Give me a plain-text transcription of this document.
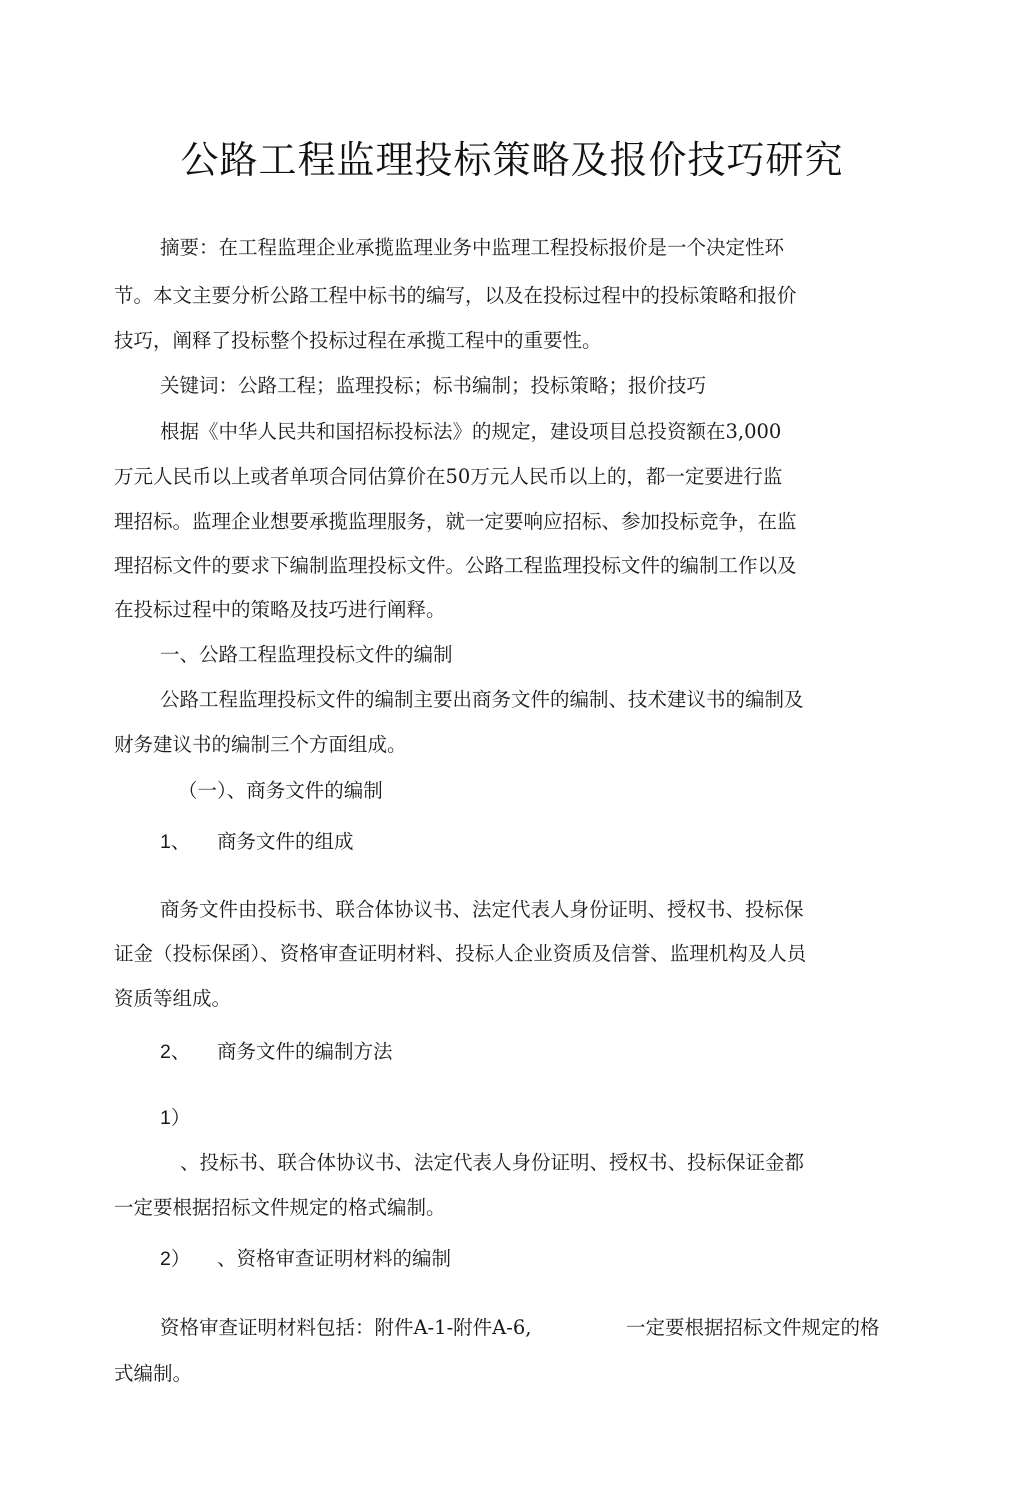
公路工程监理投标策略及报价技巧研究
摘要：在工程监理企业承揽监理业务中监理工程投标报价是一个决定性环
节。本文主要分析公路工程中标书的编写，以及在投标过程中的投标策略和报价
技巧，阐释了投标整个投标过程在承揽工程中的重要性。
关键词：公路工程；监理投标；标书编制；投标策略；报价技巧
根据《中华人民共和国招标投标法》的规定，建设项目总投资额在3,000
万元人民币以上或者单项合同估算价在50万元人民币以上的，都一定要进行监
理招标。监理企业想要承揽监理服务，就一定要响应招标、参加投标竞争，在监
理招标文件的要求下编制监理投标文件。公路工程监理投标文件的编制工作以及
在投标过程中的策略及技巧进行阐释。
一、公路工程监理投标文件的编制
公路工程监理投标文件的编制主要出商务文件的编制、技术建议书的编制及
财务建议书的编制三个方面组成。
（一）、商务文件的编制
1、 商务文件的组成
商务文件由投标书、联合体协议书、法定代表人身份证明、授权书、投标保
证金（投标保函）、资格审查证明材料、投标人企业资质及信誉、监理机构及人员
资质等组成。
2、 商务文件的编制方法
1）
、投标书、联合体协议书、法定代表人身份证明、授权书、投标保证金都
一定要根据招标文件规定的格式编制。
2） 、资格审查证明材料的编制
资格审查证明材料包括：附件A-1-附件A-6,	一定要根据招标文件规定的格
式编制。
